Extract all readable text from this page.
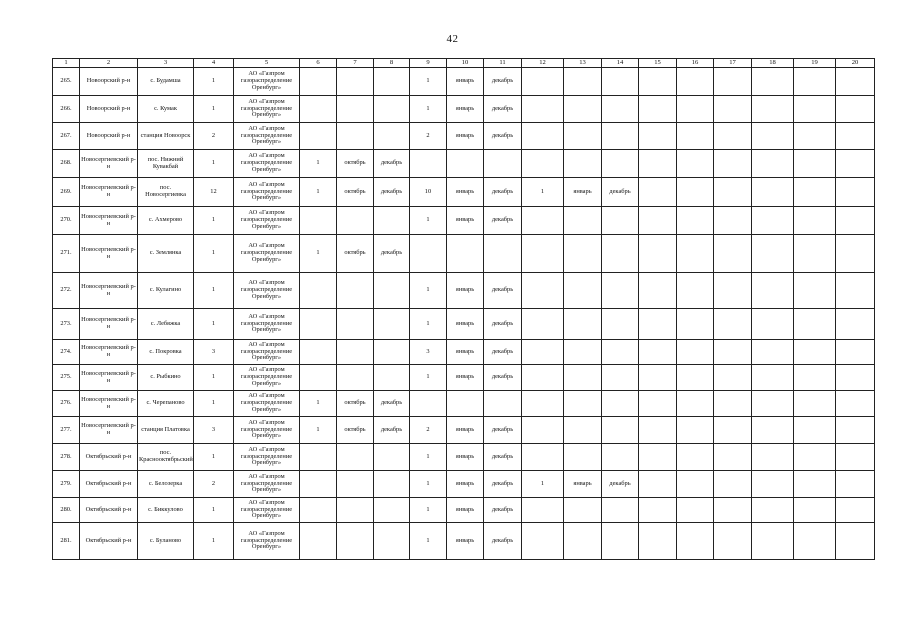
42
1	2	3	4	5	6	7	8	9	10	11	12	13	14	15	16	17	18	19	20
265.	Новоорский р-н	с. Будамша	1	АО «Газпром газораспределение Оренбург»				1	январь	декабрь									
266.	Новоорский р-н	с. Кумак	1	АО «Газпром газораспределение Оренбург»				1	январь	декабрь									
267.	Новоорский р-н	станция Новоорск	2	АО «Газпром газораспределение Оренбург»				2	январь	декабрь									
268.	Новосергиевский р-н	пос. Нижний Кувакбай	1	АО «Газпром газораспределение Оренбург»	1	октябрь	декабрь												
269.	Новосергиевский р-н	пос. Новосергиевка	12	АО «Газпром газораспределение Оренбург»	1	октябрь	декабрь	10	январь	декабрь	1	январь	декабрь						
270.	Новосергиевский р-н	с. Ахмерово	1	АО «Газпром газораспределение Оренбург»				1	январь	декабрь									
271.	Новосергиевский р-н	с. Землянка	1	АО «Газпром газораспределение Оренбург»	1	октябрь	декабрь												
272.	Новосергиевский р-н	с. Кулагино	1	АО «Газпром газораспределение Оренбург»				1	январь	декабрь									
273.	Новосергиевский р-н	с. Лебяжка	1	АО «Газпром газораспределение Оренбург»				1	январь	декабрь									
274.	Новосергиевский р-н	с. Покровка	3	АО «Газпром газораспределение Оренбург»				3	январь	декабрь									
275.	Новосергиевский р-н	с. Рыбкино	1	АО «Газпром газораспределение Оренбург»				1	январь	декабрь									
276.	Новосергиевский р-н	с. Черепаново	1	АО «Газпром газораспределение Оренбург»	1	октябрь	декабрь												
277.	Новосергиевский р-н	станция Платовка	3	АО «Газпром газораспределение Оренбург»	1	октябрь	декабрь	2	январь	декабрь									
278.	Октябрьский р-н	пос. Краснооктябрьский	1	АО «Газпром газораспределение Оренбург»				1	январь	декабрь									
279.	Октябрьский р-н	с. Белозерка	2	АО «Газпром газораспределение Оренбург»				1	январь	декабрь	1	январь	декабрь						
280.	Октябрьский р-н	с. Биккулово	1	АО «Газпром газораспределение Оренбург»				1	январь	декабрь									
281.	Октябрьский р-н	с. Буланово	1	АО «Газпром газораспределение Оренбург»				1	январь	декабрь									
